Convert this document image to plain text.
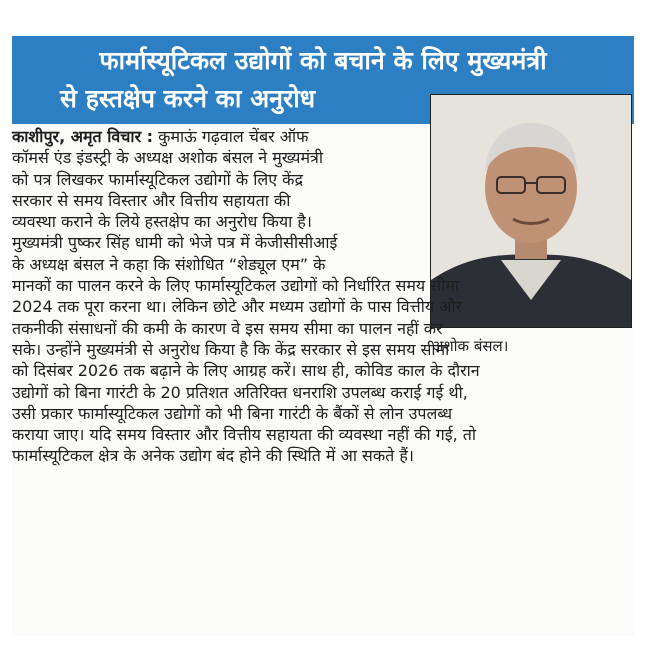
फार्मास्यूटिकल उद्योगों को बचाने के लिए मुख्यमंत्री
से हस्तक्षेप करने का अनुरोध
अशोक बंसल।
काशीपुर, अमृत विचार : कुमाऊं गढ़वाल चेंबर ऑफ
कॉमर्स एंड इंडस्ट्री के अध्यक्ष अशोक बंसल ने मुख्यमंत्री
को पत्र लिखकर फार्मास्यूटिकल उद्योगों के लिए केंद्र
सरकार से समय विस्तार और वित्तीय सहायता की
व्यवस्था कराने के लिये हस्तक्षेप का अनुरोध किया है।
मुख्यमंत्री पुष्कर सिंह धामी को भेजे पत्र में केजीसीसीआई
के अध्यक्ष बंसल ने कहा कि संशोधित “शेड्यूल एम” के
मानकों का पालन करने के लिए फार्मास्यूटिकल उद्योगों को निर्धारित समय सीमा
2024 तक पूरा करना था। लेकिन छोटे और मध्यम उद्योगों के पास वित्तीय और
तकनीकी संसाधनों की कमी के कारण वे इस समय सीमा का पालन नहीं कर
सके। उन्होंने मुख्यमंत्री से अनुरोध किया है कि केंद्र सरकार से इस समय सीमा
को दिसंबर 2026 तक बढ़ाने के लिए आग्रह करें। साथ ही, कोविड काल के दौरान
उद्योगों को बिना गारंटी के 20 प्रतिशत अतिरिक्त धनराशि उपलब्ध कराई गई थी,
उसी प्रकार फार्मास्यूटिकल उद्योगों को भी बिना गारंटी के बैंकों से लोन उपलब्ध
कराया जाए। यदि समय विस्तार और वित्तीय सहायता की व्यवस्था नहीं की गई, तो
फार्मास्यूटिकल क्षेत्र के अनेक उद्योग बंद होने की स्थिति में आ सकते हैं।
